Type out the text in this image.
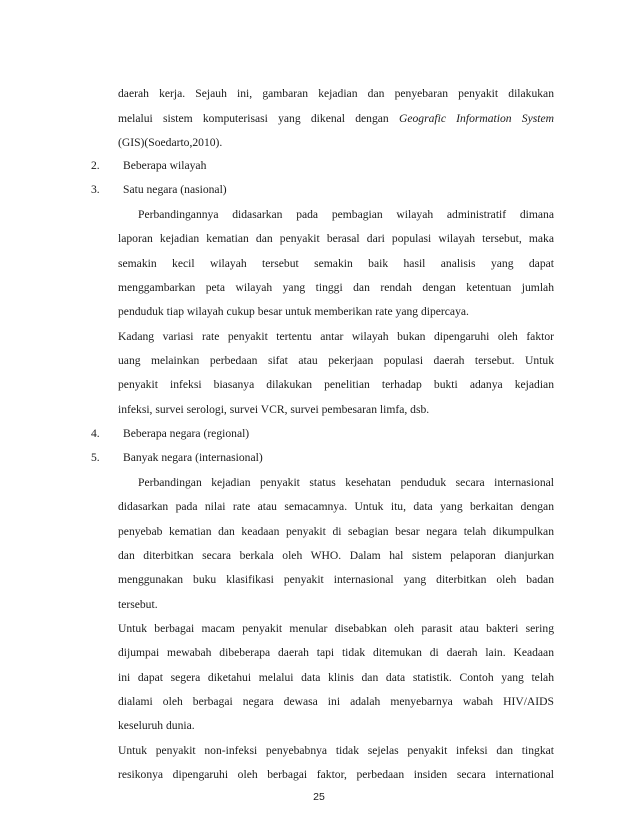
daerah kerja. Sejauh ini, gambaran kejadian dan penyebaran penyakit dilakukan
melalui sistem komputerisasi yang dikenal dengan Geografic Information System
(GIS)(Soedarto,2010).
2. Beberapa wilayah
3. Satu negara (nasional)
Perbandingannya didasarkan pada pembagian wilayah administratif dimana
laporan kejadian kematian dan penyakit berasal dari populasi wilayah tersebut, maka
semakin kecil wilayah tersebut semakin baik hasil analisis yang dapat
menggambarkan peta wilayah yang tinggi dan rendah dengan ketentuan jumlah
penduduk tiap wilayah cukup besar untuk memberikan rate yang dipercaya.
Kadang variasi rate penyakit tertentu antar wilayah bukan dipengaruhi oleh faktor
uang melainkan perbedaan sifat atau pekerjaan populasi daerah tersebut. Untuk
penyakit infeksi biasanya dilakukan penelitian terhadap bukti adanya kejadian
infeksi, survei serologi, survei VCR, survei pembesaran limfa, dsb.
4. Beberapa negara (regional)
5. Banyak negara (internasional)
Perbandingan kejadian penyakit status kesehatan penduduk secara internasional
didasarkan pada nilai rate atau semacamnya. Untuk itu, data yang berkaitan dengan
penyebab kematian dan keadaan penyakit di sebagian besar negara telah dikumpulkan
dan diterbitkan secara berkala oleh WHO. Dalam hal sistem pelaporan dianjurkan
menggunakan buku klasifikasi penyakit internasional yang diterbitkan oleh badan
tersebut.
Untuk berbagai macam penyakit menular disebabkan oleh parasit atau bakteri sering
dijumpai mewabah dibeberapa daerah tapi tidak ditemukan di daerah lain. Keadaan
ini dapat segera diketahui melalui data klinis dan data statistik. Contoh yang telah
dialami oleh berbagai negara dewasa ini adalah menyebarnya wabah HIV/AIDS
keseluruh dunia.
Untuk penyakit non-infeksi penyebabnya tidak sejelas penyakit infeksi dan tingkat
resikonya dipengaruhi oleh berbagai faktor, perbedaan insiden secara international
25
